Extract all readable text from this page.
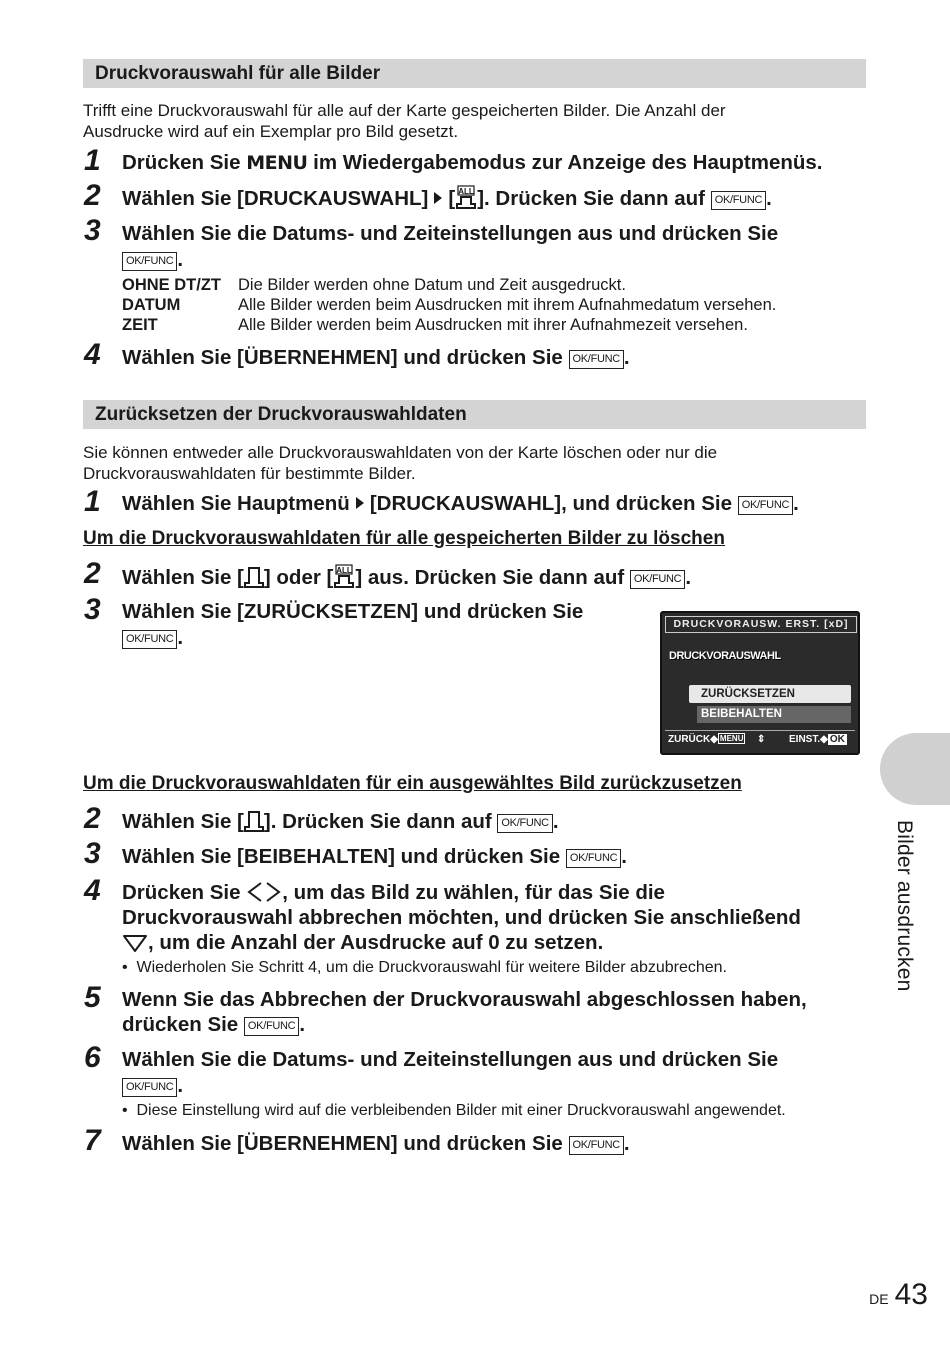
Druckvorauswahl für alle Bilder
Trifft eine Druckvorauswahl für alle auf der Karte gespeicherten Bilder. Die Anzahl der
Ausdrucke wird auf ein Exemplar pro Bild gesetzt.
1 Drücken Sie MENU im Wiedergabemodus zur Anzeige des Hauptmenüs.
2 Wählen Sie [DRUCKAUSWAHL] [ ALL ]. Drücken Sie dann auf OK/FUNC .
3 Wählen Sie die Datums- und Zeiteinstellungen aus und drücken Sie
OK/FUNC .
OHNE DT/ZT Die Bilder werden ohne Datum und Zeit ausgedruckt.
DATUM	Alle Bilder werden beim Ausdrucken mit ihrem Aufnahmedatum versehen.
ZEIT	Alle Bilder werden beim Ausdrucken mit ihrer Aufnahmezeit versehen.
4 Wählen Sie [ÜBERNEHMEN] und drücken Sie OK/FUNC .
Zurücksetzen der Druckvorauswahldaten
Sie können entweder alle Druckvorauswahldaten von der Karte löschen oder nur die
Druckvorauswahldaten für bestimmte Bilder.
1 Wählen Sie Hauptmenü [DRUCKAUSWAHL], und drücken Sie OK/FUNC .
Um die Druckvorauswahldaten für alle gespeicherten Bilder zu löschen
2 Wählen Sie [ ] oder [ ALL ] aus. Drücken Sie dann auf OK/FUNC .
3 Wählen Sie [ZURÜCKSETZEN] und drücken Sie
OK/FUNC .
DRUCKVORAUSW. ERST. [xD]
DRUCKVORAUSWAHL
ZURÜCKSETZEN
BEIBEHALTEN
ZURÜCK◆ MENU ⇕ EINST.◆ OK
Um die Druckvorauswahldaten für ein ausgewähltes Bild zurückzusetzen
2 Wählen Sie [ ]. Drücken Sie dann auf OK/FUNC .
3 Wählen Sie [BEIBEHALTEN] und drücken Sie OK/FUNC .
4 Drücken Sie , um das Bild zu wählen, für das Sie die
Druckvorauswahl abbrechen möchten, und drücken Sie anschließend
, um die Anzahl der Ausdrucke auf 0 zu setzen.
•  Wiederholen Sie Schritt 4, um die Druckvorauswahl für weitere Bilder abzubrechen.
5 Wenn Sie das Abbrechen der Druckvorauswahl abgeschlossen haben,
drücken Sie OK/FUNC .
6 Wählen Sie die Datums- und Zeiteinstellungen aus und drücken Sie
OK/FUNC .
•  Diese Einstellung wird auf die verbleibenden Bilder mit einer Druckvorauswahl angewendet.
7 Wählen Sie [ÜBERNEHMEN] und drücken Sie OK/FUNC .
Bilder ausdrucken
DE 43
